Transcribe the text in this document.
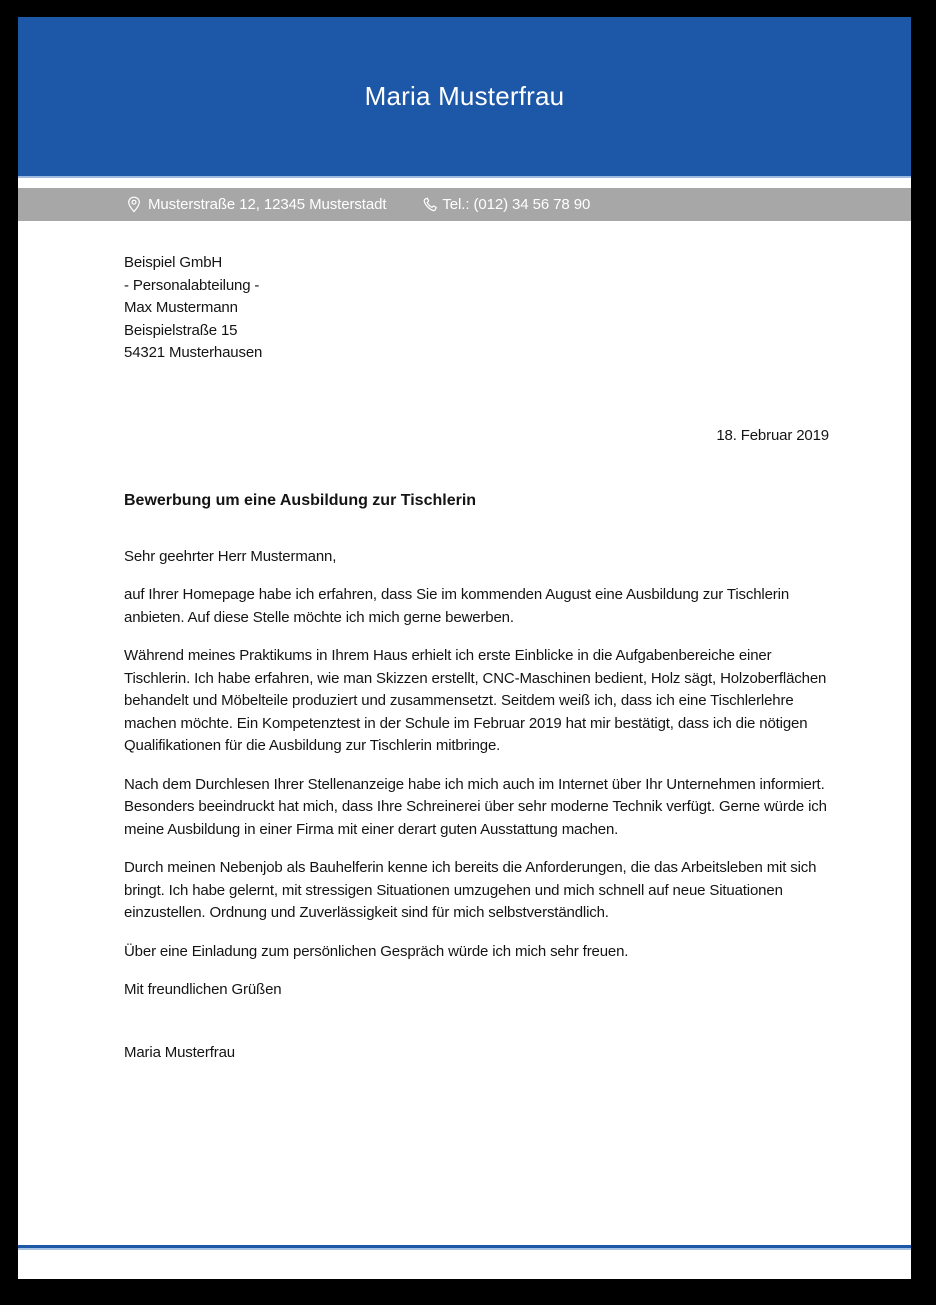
Maria Musterfrau
Musterstraße 12, 12345 Musterstadt	Tel.: (012) 34 56 78 90
Beispiel GmbH
- Personalabteilung -
Max Mustermann
Beispielstraße 15
54321 Musterhausen
18. Februar 2019
Bewerbung um eine Ausbildung zur Tischlerin
Sehr geehrter Herr Mustermann,

auf Ihrer Homepage habe ich erfahren, dass Sie im kommenden August eine Ausbildung zur Tischlerin anbieten. Auf diese Stelle möchte ich mich gerne bewerben.

Während meines Praktikums in Ihrem Haus erhielt ich erste Einblicke in die Aufgabenbereiche einer Tischlerin. Ich habe erfahren, wie man Skizzen erstellt, CNC-Maschinen bedient, Holz sägt, Holzoberflächen behandelt und Möbelteile produziert und zusammensetzt. Seitdem weiß ich, dass ich eine Tischlerlehre machen möchte. Ein Kompetenztest in der Schule im Februar 2019 hat mir bestätigt, dass ich die nötigen Qualifikationen für die Ausbildung zur Tischlerin mitbringe.

Nach dem Durchlesen Ihrer Stellenanzeige habe ich mich auch im Internet über Ihr Unternehmen informiert. Besonders beeindruckt hat mich, dass Ihre Schreinerei über sehr moderne Technik verfügt. Gerne würde ich meine Ausbildung in einer Firma mit einer derart guten Ausstattung machen.

Durch meinen Nebenjob als Bauhelferin kenne ich bereits die Anforderungen, die das Arbeitsleben mit sich bringt. Ich habe gelernt, mit stressigen Situationen umzugehen und mich schnell auf neue Situationen einzustellen. Ordnung und Zuverlässigkeit sind für mich selbstverständlich.

Über eine Einladung zum persönlichen Gespräch würde ich mich sehr freuen.

Mit freundlichen Grüßen

Maria Musterfrau
